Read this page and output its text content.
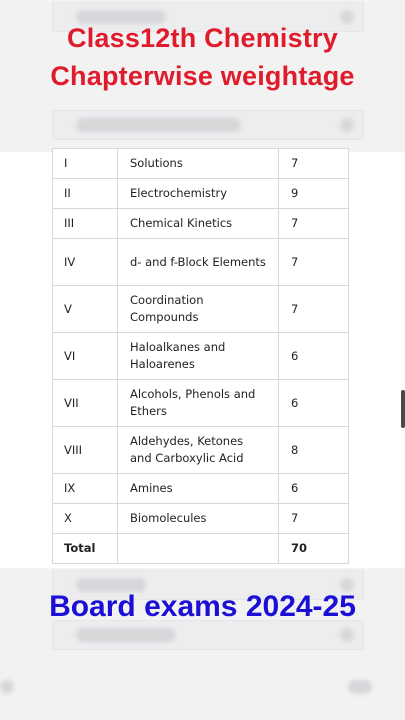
Class12th Chemistry
Chapterwise weightage
I	Solutions	7
II	Electrochemistry	9
III	Chemical Kinetics	7
IV	d- and f-Block Elements	7
V	Coordination Compounds	7
VI	Haloalkanes and Haloarenes	6
VII	Alcohols, Phenols and Ethers	6
VIII	Aldehydes, Ketones and Carboxylic Acid	8
IX	Amines	6
X	Biomolecules	7
Total		70
Board exams 2024-25
